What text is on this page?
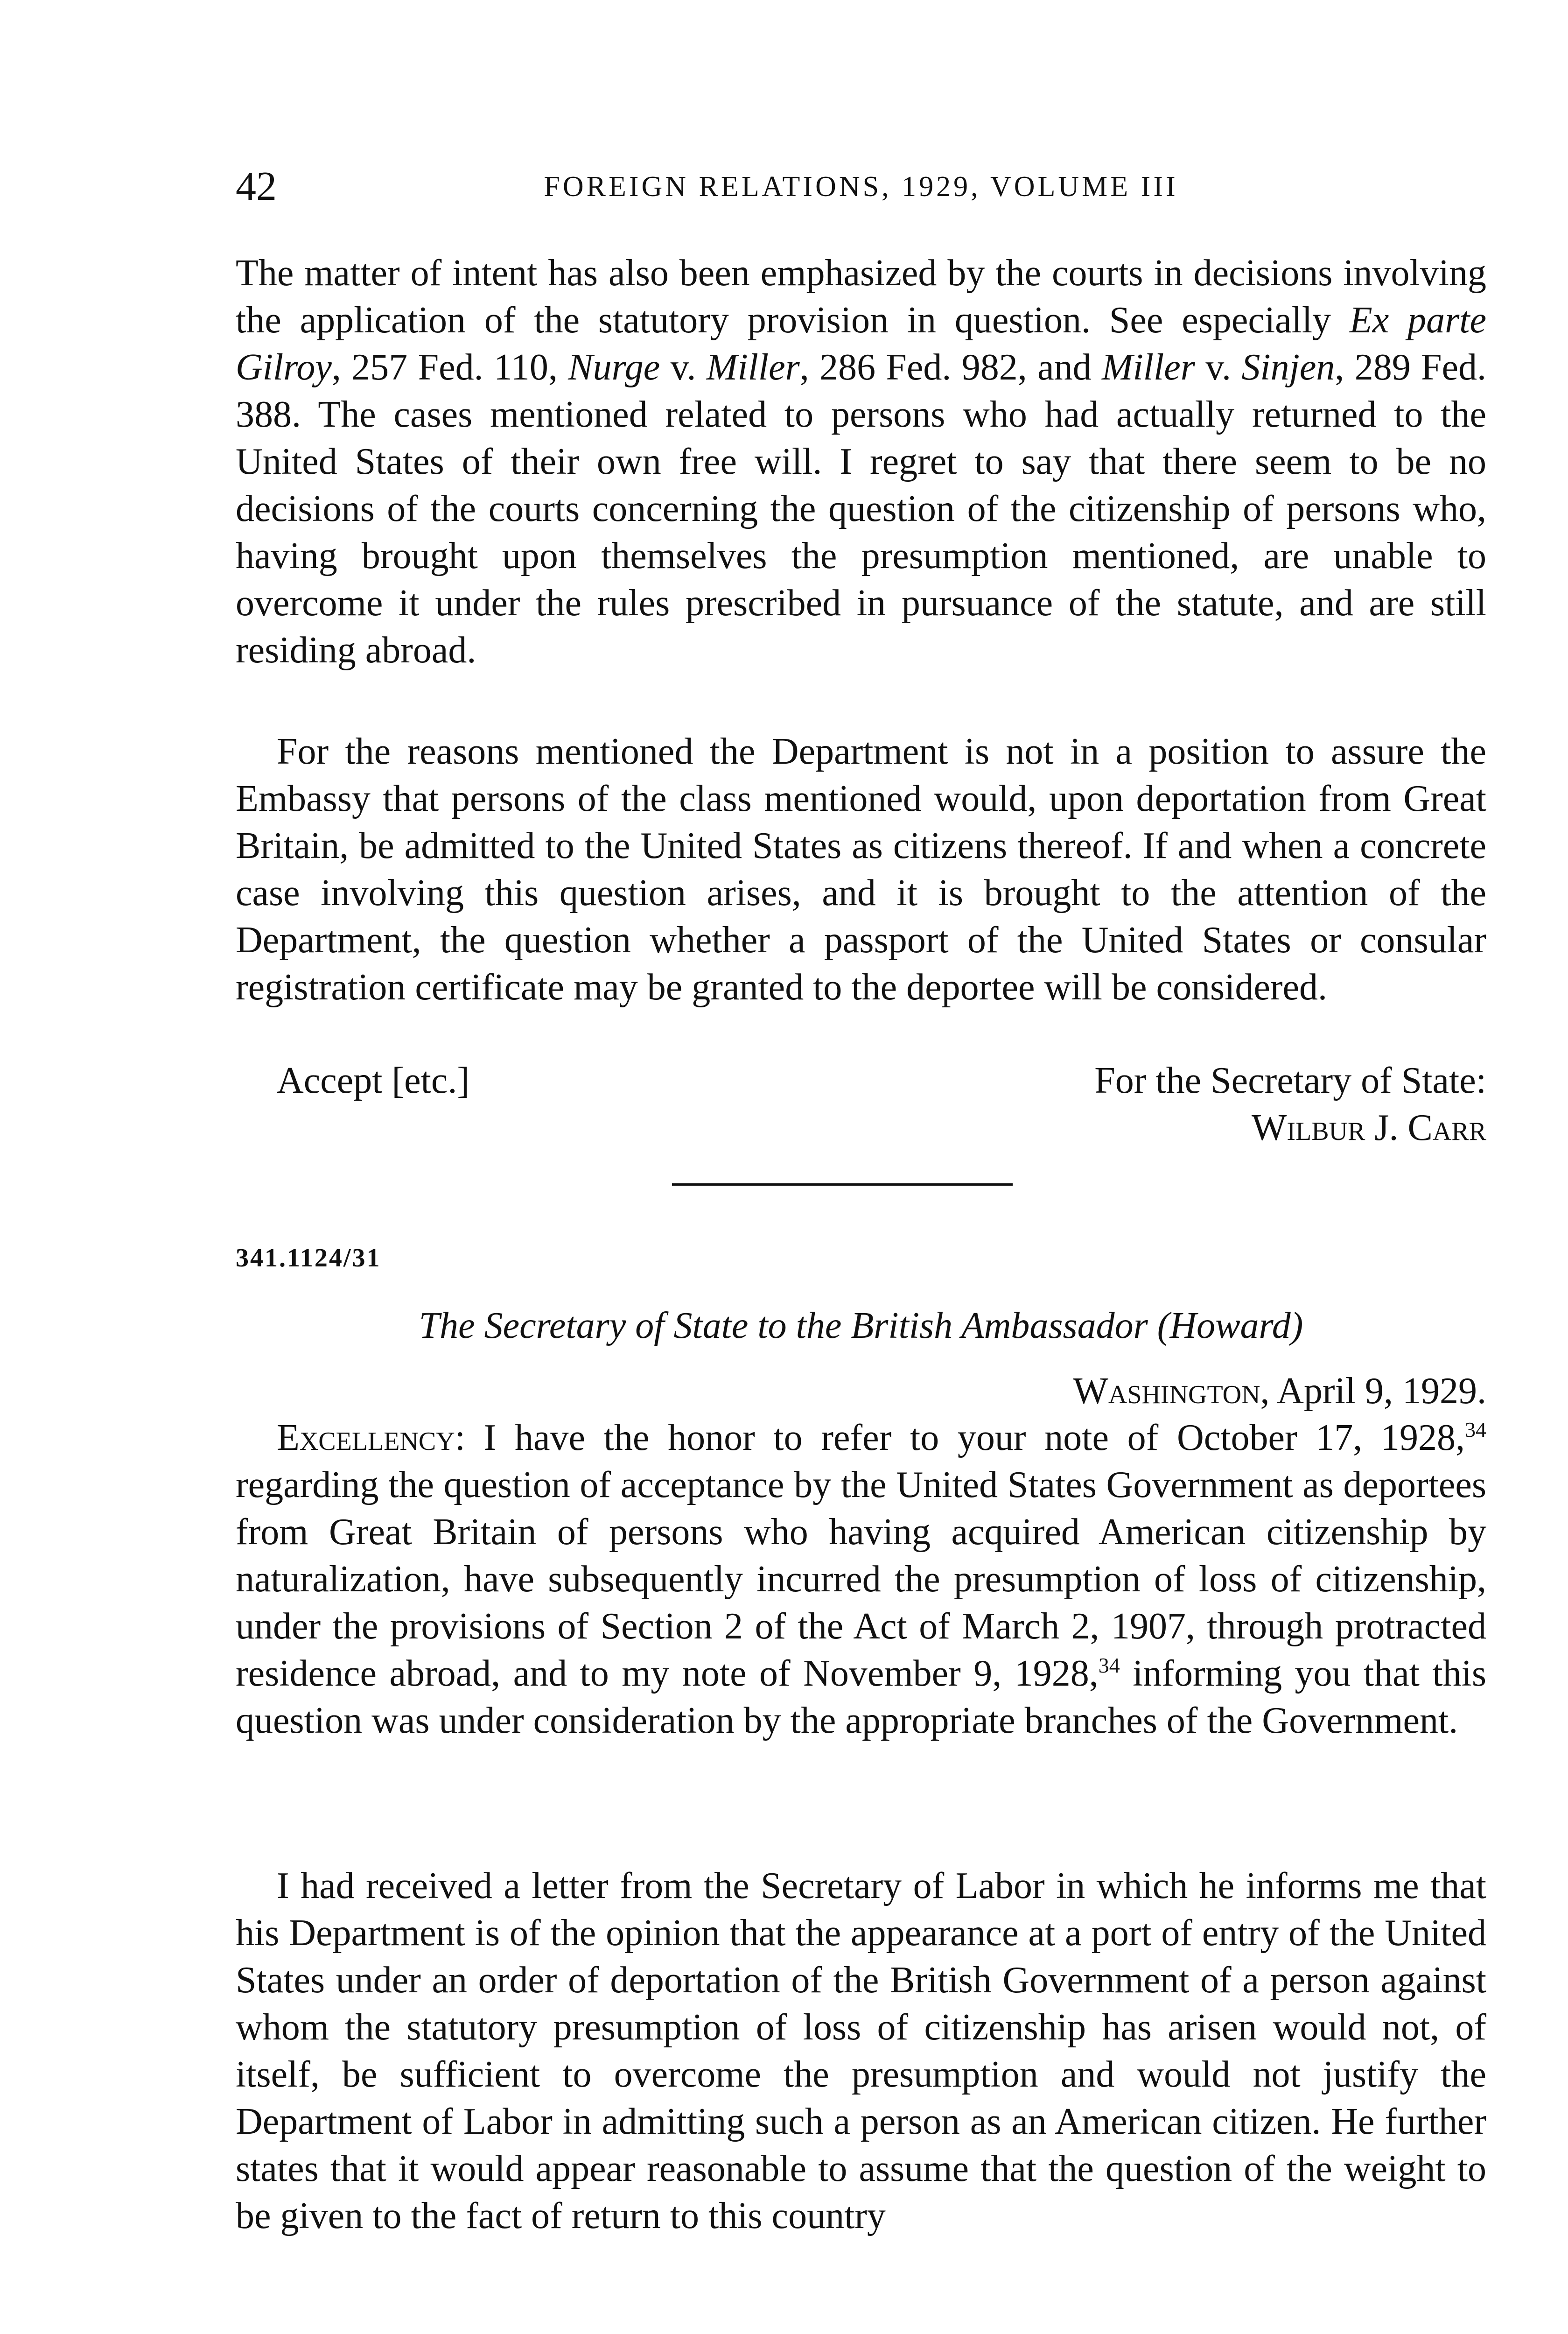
42	FOREIGN RELATIONS, 1929, VOLUME III

The matter of intent has also been emphasized by the courts in decisions involving the application of the statutory provision in question. See especially Ex parte Gilroy, 257 Fed. 110, Nurge v. Miller, 286 Fed. 982, and Miller v. Sinjen, 289 Fed. 388. The cases mentioned related to persons who had actually returned to the United States of their own free will. I regret to say that there seem to be no decisions of the courts concerning the question of the citizenship of persons who, having brought upon themselves the presumption mentioned, are unable to overcome it under the rules prescribed in pursuance of the statute, and are still residing abroad.

For the reasons mentioned the Department is not in a position to assure the Embassy that persons of the class mentioned would, upon deportation from Great Britain, be admitted to the United States as citizens thereof. If and when a concrete case involving this question arises, and it is brought to the attention of the Department, the question whether a passport of the United States or consular registration certificate may be granted to the deportee will be considered.

Accept [etc.]	For the Secretary of State:
Wilbur J. Carr
341.1124/31
The Secretary of State to the British Ambassador (Howard)
Washington, April 9, 1929.

Excellency: I have the honor to refer to your note of October 17, 1928,34 regarding the question of acceptance by the United States Government as deportees from Great Britain of persons who having acquired American citizenship by naturalization, have subsequently incurred the presumption of loss of citizenship, under the provisions of Section 2 of the Act of March 2, 1907, through protracted residence abroad, and to my note of November 9, 1928,34 informing you that this question was under consideration by the appropriate branches of the Government.

I had received a letter from the Secretary of Labor in which he informs me that his Department is of the opinion that the appearance at a port of entry of the United States under an order of deportation of the British Government of a person against whom the statutory presumption of loss of citizenship has arisen would not, of itself, be sufficient to overcome the presumption and would not justify the Department of Labor in admitting such a person as an American citizen. He further states that it would appear reasonable to assume that the question of the weight to be given to the fact of return to this country
